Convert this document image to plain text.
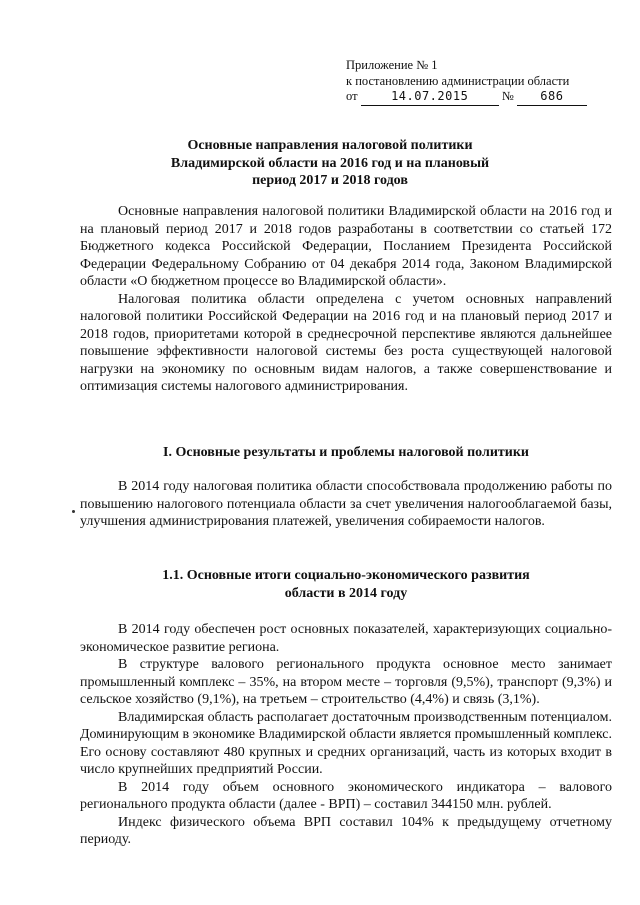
Приложение № 1
к постановлению администрации области
от	14.07.2015	№ 686
Основные направления налоговой политики
Владимирской области на 2016 год и на плановый
период 2017 и 2018 годов

Основные направления налоговой политики Владимирской области на 2016 год и на плановый период 2017 и 2018 годов разработаны в соответствии со статьей 172 Бюджетного кодекса Российской Федерации, Посланием Президента Российской Федерации Федеральному Собранию от 04 декабря 2014 года, Законом Владимирской области «О бюджетном процессе во Владимирской области».

Налоговая политика области определена с учетом основных направлений налоговой политики Российской Федерации на 2016 год и на плановый период 2017 и 2018 годов, приоритетами которой в среднесрочной перспективе являются дальнейшее повышение эффективности налоговой системы без роста существующей налоговой нагрузки на экономику по основным видам налогов, а также совершенствование и оптимизация системы налогового администрирования.

I. Основные результаты и проблемы налоговой политики

В 2014 году налоговая политика области способствовала продолжению работы по повышению налогового потенциала области за счет увеличения налогооблагаемой базы, улучшения администрирования платежей, увеличения собираемости налогов.

1.1. Основные итоги социально-экономического развития
области в 2014 году

В 2014 году обеспечен рост основных показателей, характеризующих социально-экономическое развитие региона.

В структуре валового регионального продукта основное место занимает промышленный комплекс – 35%, на втором месте – торговля (9,5%), транспорт (9,3%) и сельское хозяйство (9,1%), на третьем – строительство (4,4%) и связь (3,1%).

Владимирская область располагает достаточным производственным потенциалом. Доминирующим в экономике Владимирской области является промышленный комплекс. Его основу составляют 480 крупных и средних организаций, часть из которых входит в число крупнейших предприятий России.

В 2014 году объем основного экономического индикатора – валового регионального продукта области (далее - ВРП) – составил 344150 млн. рублей.

Индекс физического объема ВРП составил 104% к предыдущему отчетному периоду.
